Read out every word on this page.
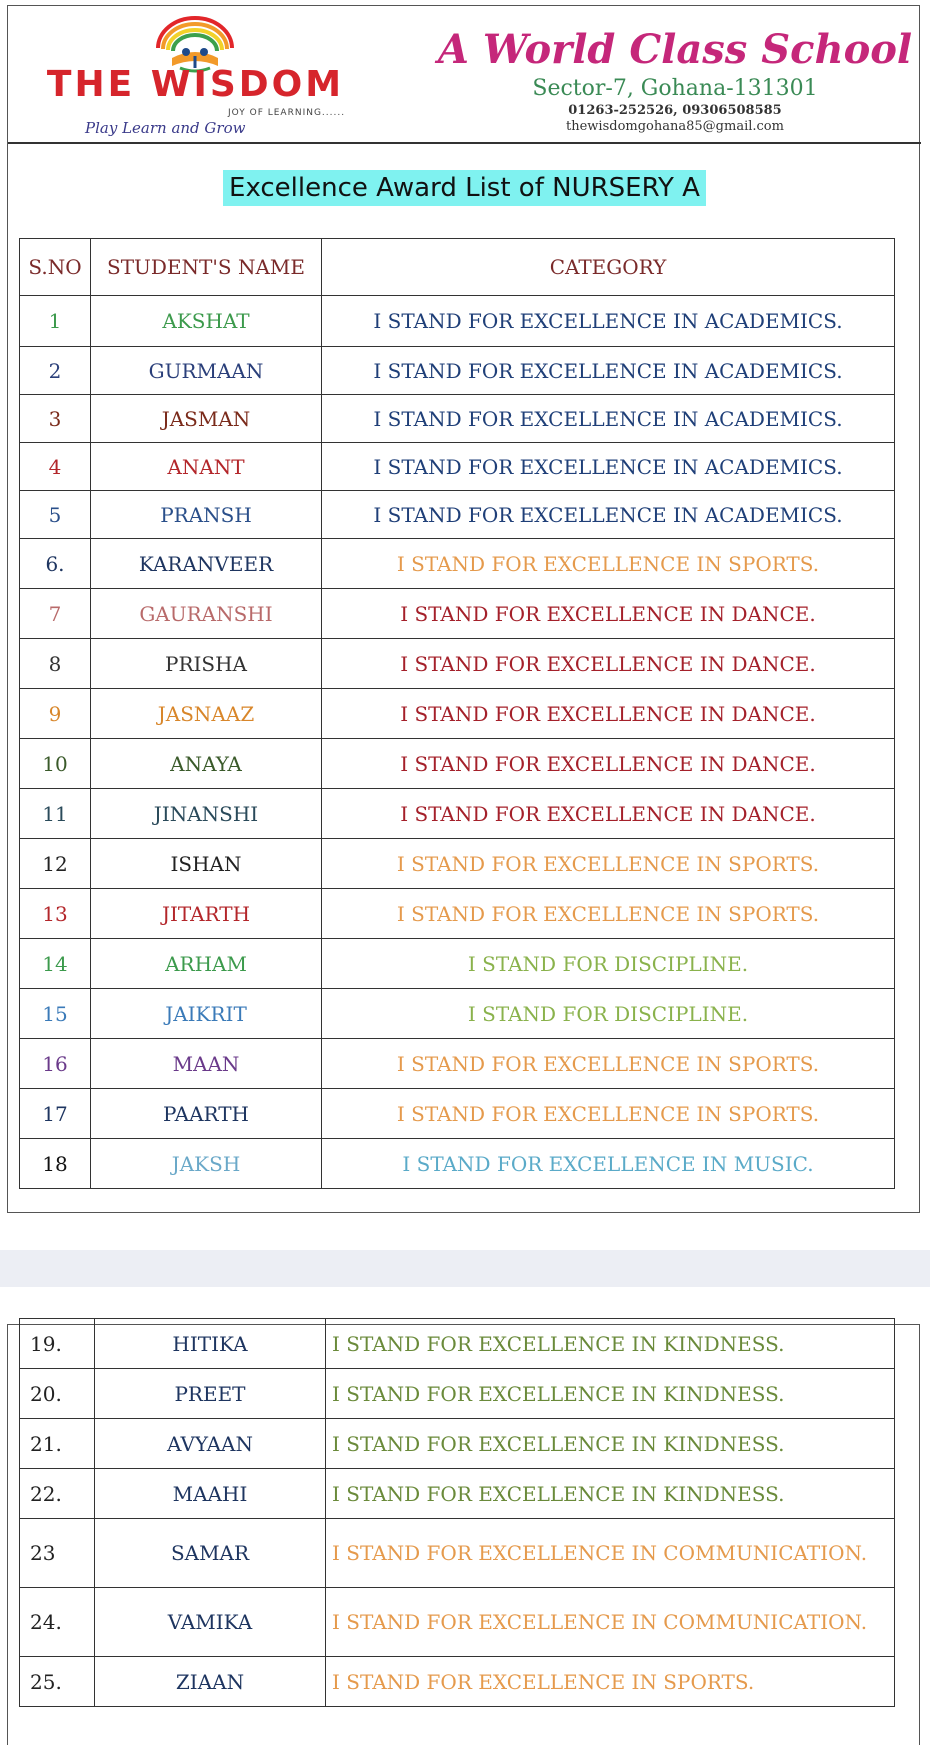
THE WISDOM
JOY OF LEARNING......
Play Learn and Grow
A World Class School
Sector-7, Gohana-131301
01263-252526, 09306508585
thewisdomgohana85@gmail.com
Excellence Award List of NURSERY A
S.NO	STUDENT'S NAME	CATEGORY
1	AKSHAT	I STAND FOR EXCELLENCE IN ACADEMICS.
2	GURMAAN	I STAND FOR EXCELLENCE IN ACADEMICS.
3	JASMAN	I STAND FOR EXCELLENCE IN ACADEMICS.
4	ANANT	I STAND FOR EXCELLENCE IN ACADEMICS.
5	PRANSH	I STAND FOR EXCELLENCE IN ACADEMICS.
6.	KARANVEER	I STAND FOR EXCELLENCE IN SPORTS.
7	GAURANSHI	I STAND FOR EXCELLENCE IN DANCE.
8	PRISHA	I STAND FOR EXCELLENCE IN DANCE.
9	JASNAAZ	I STAND FOR EXCELLENCE IN DANCE.
10	ANAYA	I STAND FOR EXCELLENCE IN DANCE.
11	JINANSHI	I STAND FOR EXCELLENCE IN DANCE.
12	ISHAN	I STAND FOR EXCELLENCE IN SPORTS.
13	JITARTH	I STAND FOR EXCELLENCE IN SPORTS.
14	ARHAM	I STAND FOR DISCIPLINE.
15	JAIKRIT	I STAND FOR DISCIPLINE.
16	MAAN	I STAND FOR EXCELLENCE IN SPORTS.
17	PAARTH	I STAND FOR EXCELLENCE IN SPORTS.
18	JAKSH	I STAND FOR EXCELLENCE IN MUSIC.
19.	HITIKA	I STAND FOR EXCELLENCE IN KINDNESS.
20.	PREET	I STAND FOR EXCELLENCE IN KINDNESS.
21.	AVYAAN	I STAND FOR EXCELLENCE IN KINDNESS.
22.	MAAHI	I STAND FOR EXCELLENCE IN KINDNESS.
23	SAMAR	I STAND FOR EXCELLENCE IN COMMUNICATION.
24.	VAMIKA	I STAND FOR EXCELLENCE IN COMMUNICATION.
25.	ZIAAN	I STAND FOR EXCELLENCE IN SPORTS.
